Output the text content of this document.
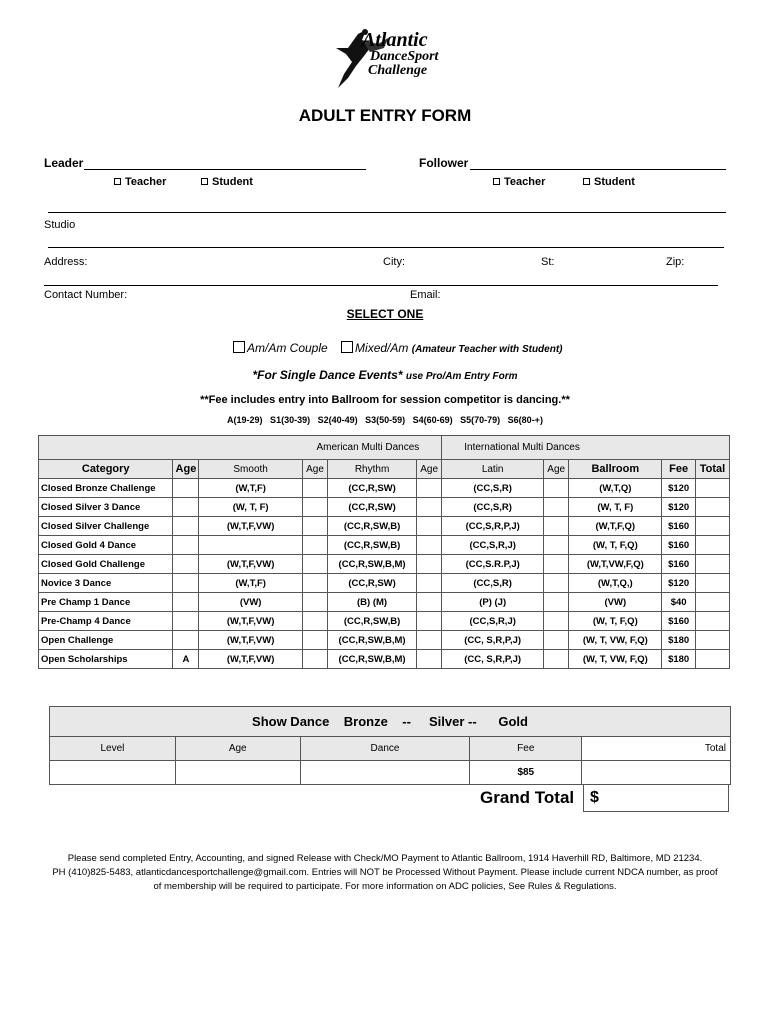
Atlantic
DanceSport
Challenge
ADULT ENTRY FORM
Leader	Follower
Teacher	Student	Teacher	Student
Studio
Address:	City:	St:	Zip:
Contact Number:	Email:
SELECT ONE
Am/Am Couple Mixed/Am (Amateur Teacher with Student)
*For Single Dance Events* use Pro/Am Entry Form
**Fee includes entry into Ballroom for session competitor is dancing.**
A(19-29)   S1(30-39)   S2(40-49)   S3(50-59)   S4(60-69)   S5(70-79)   S6(80-+)
American Multi Dances						International Multi Dances				
Category	Age	Smooth	Age	Rhythm	Age	Latin	Age	Ballroom	Fee	Total
Closed Bronze Challenge		(W,T,F)		(CC,R,SW)		(CC,S,R)		(W,T,Q)	$120	
Closed Silver 3 Dance		(W, T, F)		(CC,R,SW)		(CC,S,R)		(W, T, F)	$120	
Closed Silver Challenge		(W,T,F,VW)		(CC,R,SW,B)		(CC,S,R,P,J)		(W,T,F,Q)	$160	
Closed Gold 4 Dance				(CC,R,SW,B)		(CC,S,R,J)		(W, T, F,Q)	$160	
Closed Gold Challenge		(W,T,F,VW)		(CC,R,SW,B,M)		(CC,S.R.P,J)		(W,T,VW,F,Q)	$160	
Novice 3 Dance		(W,T,F)		(CC,R,SW)		(CC,S,R)		(W,T,Q,)	$120	
Pre Champ 1 Dance		(VW)		(B) (M)		(P) (J)		(VW)	$40	
Pre-Champ 4 Dance		(W,T,F,VW)		(CC,R,SW,B)		(CC,S,R,J)		(W, T, F,Q)	$160	
Open Challenge		(W,T,F,VW)		(CC,R,SW,B,M)		(CC, S,R,P,J)		(W, T, VW, F,Q)	$180	
Open Scholarships	A	(W,T,F,VW)		(CC,R,SW,B,M)		(CC, S,R,P,J)		(W, T, VW, F,Q)	$180	
Show Dance    Bronze    --     Silver --      Gold				
Level	Age	Dance	Fee	Total
			$85	
Grand Total $
Please send completed Entry, Accounting, and signed Release with Check/MO Payment to Atlantic Ballroom, 1914 Haverhill RD, Baltimore, MD 21234.
PH (410)825-5483, atlanticdancesportchallenge@gmail.com. Entries will NOT be Processed Without Payment. Please include current NDCA number, as proof
of membership will be required to participate. For more information on ADC policies, See Rules & Regulations.
